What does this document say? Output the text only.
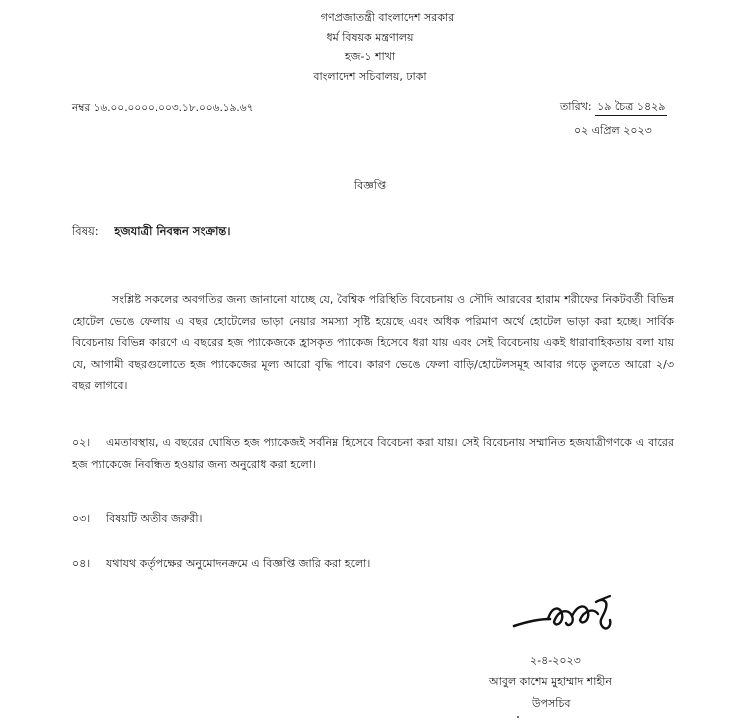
গণপ্রজাতন্ত্রী বাংলাদেশ সরকার
ধর্ম বিষয়ক মন্ত্রণালয়
হজ-১ শাখা
বাংলাদেশ সচিবালয়, ঢাকা
নম্বর ১৬.০০.০০০০.০০৩.১৮.০০৬.১৯.৬৭	তারিখ: ১৯ চৈত্র ১৪২৯
০২ এপ্রিল ২০২৩
বিজ্ঞপ্তি
বিষয়: হজযাত্রী নিবন্ধন সংক্রান্ত।
সংশ্লিষ্ট সকলের অবগতির জন্য জানানো যাচ্ছে যে, বৈশ্বিক পরিস্থিতি বিবেচনায় ও সৌদি আরবের হারাম শরীফের নিকটবর্তী বিভিন্ন হোটেল ভেঙে ফেলায় এ বছর হোটেলের ভাড়া নেয়ার সমস্যা সৃষ্টি হয়েছে এবং অধিক পরিমাণ অর্থে হোটেল ভাড়া করা হচ্ছে। সার্বিক বিবেচনায় বিভিন্ন কারণে এ বছরের হজ প্যাকেজকে হ্রাসকৃত প্যাকেজ হিসেবে ধরা যায় এবং সেই বিবেচনায় একই ধারাবাহিকতায় বলা যায় যে, আগামী বছরগুলোতে হজ প্যাকেজের মূল্য আরো বৃদ্ধি পাবে। কারণ ভেঙে ফেলা বাড়ি/হোটেলসমূহ আবার গড়ে তুলতে আরো ২/৩ বছর লাগবে।
০২। এমতাবস্থায়, এ বছরের ঘোষিত হজ প্যাকেজই সর্বনিম্ন হিসেবে বিবেচনা করা যায়। সেই বিবেচনায় সম্মানিত হজযাত্রীগণকে এ বারের হজ প্যাকেজে নিবন্ধিত হওয়ার জন্য অনুরোধ করা হলো।
০৩। বিষয়টি অতীব জরুরী।
০৪। যথাযথ কর্তৃপক্ষের অনুমোদনক্রমে এ বিজ্ঞপ্তি জারি করা হলো।
২-৪-২০২৩
আবুল কাশেম মুহাম্মাদ শাহীন
উপসচিব
